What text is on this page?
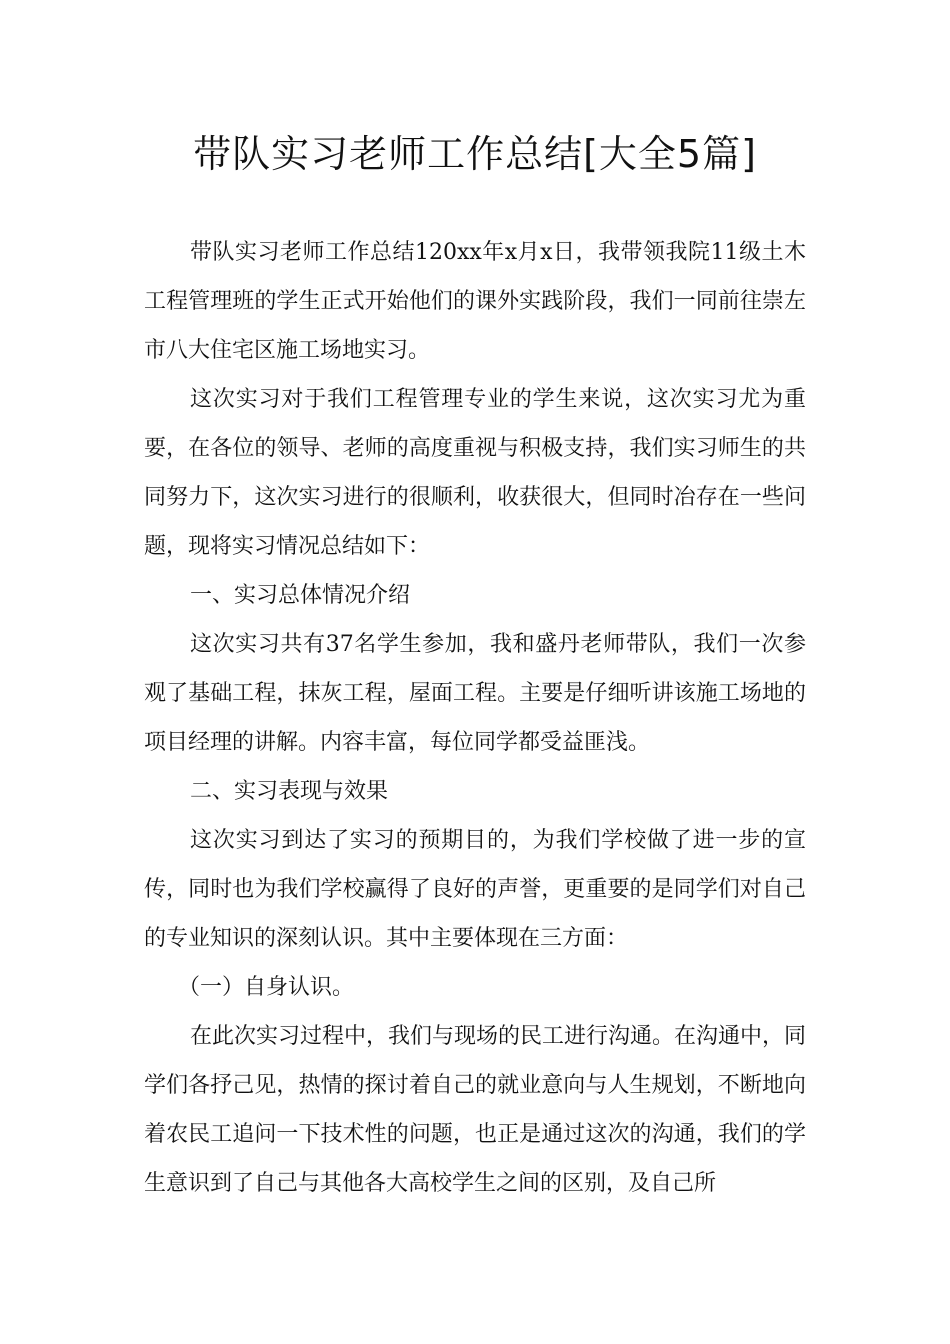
带队实习老师工作总结[大全5篇]

带队实习老师工作总结120xx年x月x日，我带领我院11级土木工程管理班的学生正式开始他们的课外实践阶段，我们一同前往崇左市八大住宅区施工场地实习。

这次实习对于我们工程管理专业的学生来说，这次实习尤为重要，在各位的领导、老师的高度重视与积极支持，我们实习师生的共同努力下，这次实习进行的很顺利，收获很大，但同时冶存在一些问题，现将实习情况总结如下：

一、实习总体情况介绍

这次实习共有37名学生参加，我和盛丹老师带队，我们一次参观了基础工程，抹灰工程，屋面工程。主要是仔细听讲该施工场地的项目经理的讲解。内容丰富，每位同学都受益匪浅。

二、实习表现与效果

这次实习到达了实习的预期目的，为我们学校做了进一步的宣传，同时也为我们学校赢得了良好的声誉，更重要的是同学们对自己的专业知识的深刻认识。其中主要体现在三方面：

（一）自身认识。

在此次实习过程中，我们与现场的民工进行沟通。在沟通中，同学们各抒己见，热情的探讨着自己的就业意向与人生规划，不断地向着农民工追问一下技术性的问题，也正是通过这次的沟通，我们的学生意识到了自己与其他各大高校学生之间的区别，及自己所
